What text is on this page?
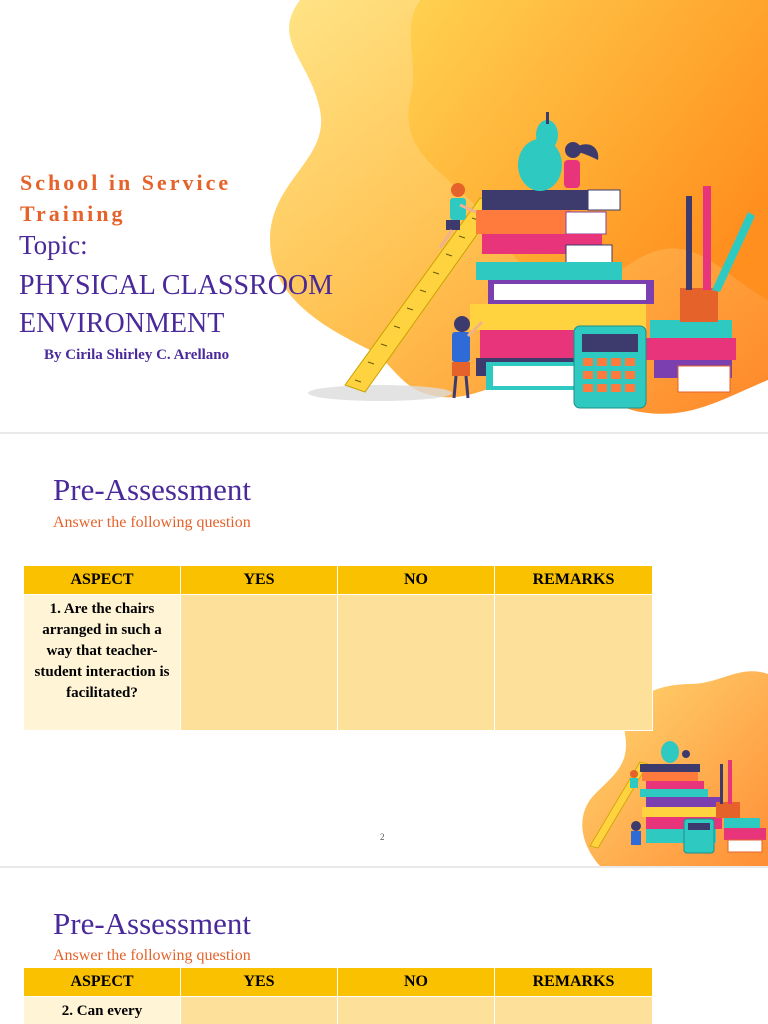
School in Service Training
Topic:
PHYSICAL CLASSROOM
ENVIRONMENT
By Cirila Shirley C. Arellano
Pre-Assessment
Answer the following question
ASPECT	YES	NO	REMARKS
1. Are the chairs arranged in such a way that teacher- student interaction is facilitated?			
2
Pre-Assessment
Answer the following question
ASPECT	YES	NO	REMARKS
2. Can every			
